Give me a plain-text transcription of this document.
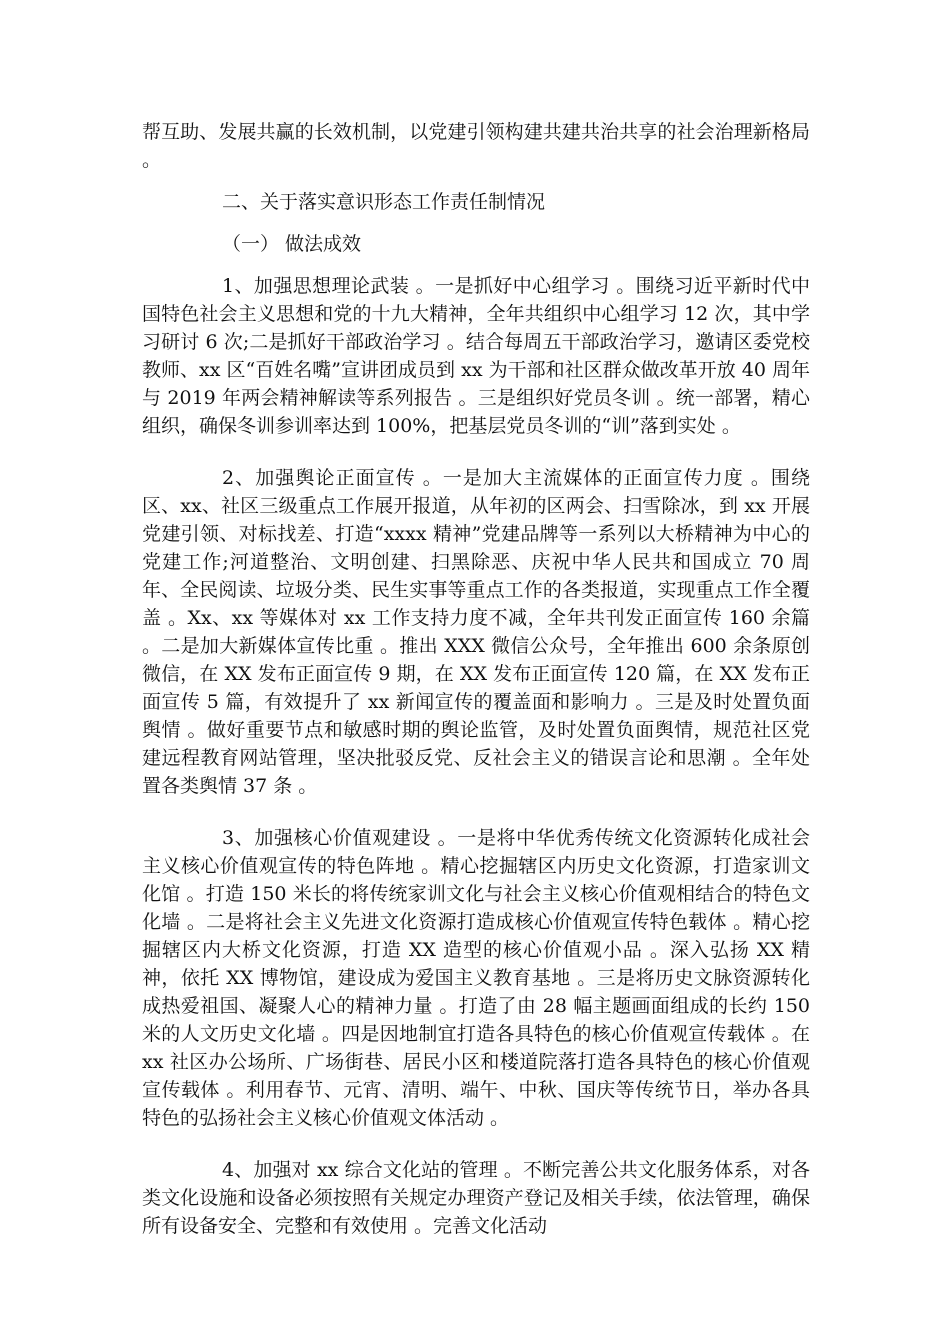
帮互助、发展共赢的长效机制，以党建引领构建共建共治共享的社会治理新格局 。

二、关于落实意识形态工作责任制情况

（一） 做法成效

1、加强思想理论武装 。一是抓好中心组学习 。围绕习近平新时代中国特色社会主义思想和党的十九大精神，全年共组织中心组学习 12 次，其中学习研讨 6 次;二是抓好干部政治学习 。结合每周五干部政治学习，邀请区委党校教师、xx 区“百姓名嘴”宣讲团成员到 xx 为干部和社区群众做改革开放 40 周年与 2019 年两会精神解读等系列报告 。三是组织好党员冬训 。统一部署，精心组织，确保冬训参训率达到 100%，把基层党员冬训的“训”落到实处 。

2、加强舆论正面宣传 。一是加大主流媒体的正面宣传力度 。围绕区、xx、社区三级重点工作展开报道，从年初的区两会、扫雪除冰，到 xx 开展党建引领、对标找差、打造“xxxx 精神”党建品牌等一系列以大桥精神为中心的党建工作;河道整治、文明创建、扫黑除恶、庆祝中华人民共和国成立 70 周年、全民阅读、垃圾分类、民生实事等重点工作的各类报道，实现重点工作全覆盖 。Xx、xx 等媒体对 xx 工作支持力度不减，全年共刊发正面宣传 160 余篇 。二是加大新媒体宣传比重 。推出 XXX 微信公众号，全年推出 600 余条原创微信，在 XX 发布正面宣传 9 期，在 XX 发布正面宣传 120 篇，在 XX 发布正面宣传 5 篇，有效提升了 xx 新闻宣传的覆盖面和影响力 。三是及时处置负面舆情 。做好重要节点和敏感时期的舆论监管，及时处置负面舆情，规范社区党建远程教育网站管理，坚决批驳反党、反社会主义的错误言论和思潮 。全年处置各类舆情 37 条 。

3、加强核心价值观建设 。一是将中华优秀传统文化资源转化成社会主义核心价值观宣传的特色阵地 。精心挖掘辖区内历史文化资源，打造家训文化馆 。打造 150 米长的将传统家训文化与社会主义核心价值观相结合的特色文化墙 。二是将社会主义先进文化资源打造成核心价值观宣传特色载体 。精心挖掘辖区内大桥文化资源，打造 XX 造型的核心价值观小品 。深入弘扬 XX 精神，依托 XX 博物馆，建设成为爱国主义教育基地 。三是将历史文脉资源转化成热爱祖国、凝聚人心的精神力量 。打造了由 28 幅主题画面组成的长约 150 米的人文历史文化墙 。四是因地制宜打造各具特色的核心价值观宣传载体 。在 xx 社区办公场所、广场街巷、居民小区和楼道院落打造各具特色的核心价值观宣传载体 。利用春节、元宵、清明、端午、中秋、国庆等传统节日，举办各具特色的弘扬社会主义核心价值观文体活动 。

4、加强对 xx 综合文化站的管理 。不断完善公共文化服务体系，对各类文化设施和设备必须按照有关规定办理资产登记及相关手续，依法管理，确保所有设备安全、完整和有效使用 。完善文化活动
